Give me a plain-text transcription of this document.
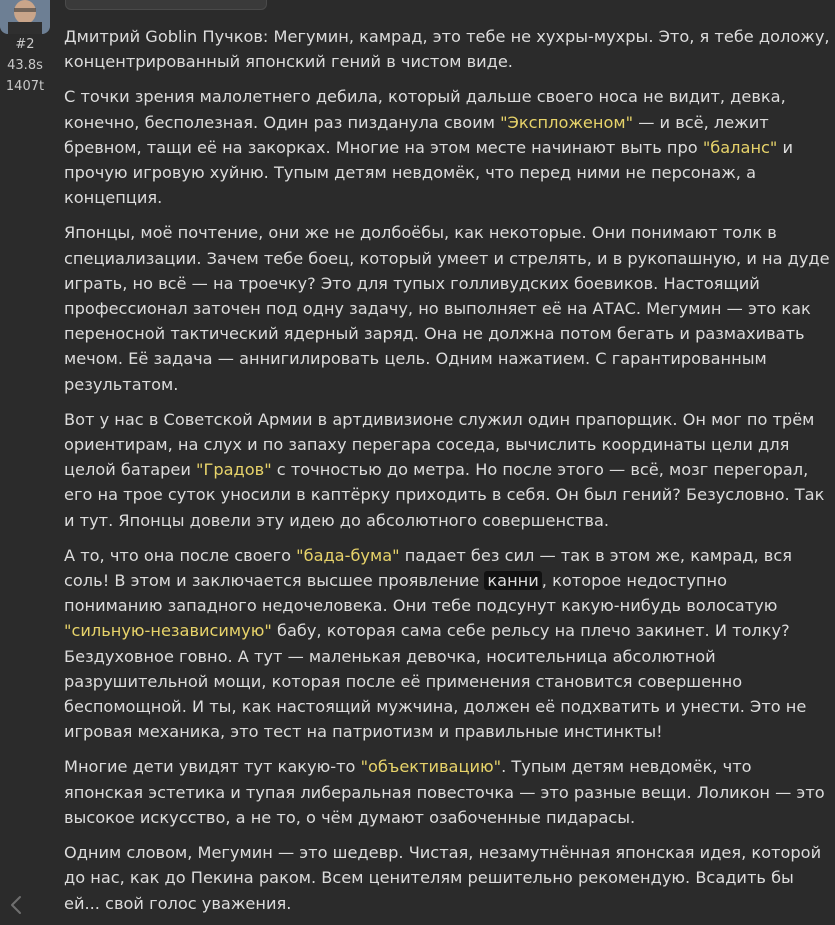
#2
43.8s
1407t

Дмитрий Goblin Пучков: Мегумин, камрад, это тебе не хухры-мухры. Это, я тебе доложу, концентрированный японский гений в чистом виде.

С точки зрения малолетнего дебила, который дальше своего носа не видит, девка, конечно, бесполезная. Один раз пизданула своим "Экспложеном" — и всё, лежит бревном, тащи её на закорках. Многие на этом месте начинают выть про "баланс" и прочую игровую хуйню. Тупым детям невдомёк, что перед ними не персонаж, а концепция.

Японцы, моё почтение, они же не долбоёбы, как некоторые. Они понимают толк в специализации. Зачем тебе боец, который умеет и стрелять, и в рукопашную, и на дуде играть, но всё — на троечку? Это для тупых голливудских боевиков. Настоящий профессионал заточен под одну задачу, но выполняет её на АТАС. Мегумин — это как переносной тактический ядерный заряд. Она не должна потом бегать и размахивать мечом. Её задача — аннигилировать цель. Одним нажатием. С гарантированным результатом.

Вот у нас в Советской Армии в артдивизионе служил один прапорщик. Он мог по трём ориентирам, на слух и по запаху перегара соседа, вычислить координаты цели для целой батареи "Градов" с точностью до метра. Но после этого — всё, мозг перегорал, его на трое суток уносили в каптёрку приходить в себя. Он был гений? Безусловно. Так и тут. Японцы довели эту идею до абсолютного совершенства.

А то, что она после своего "бада-бума" падает без сил — так в этом же, камрад, вся соль! В этом и заключается высшее проявление канни , которое недоступно пониманию западного недочеловека. Они тебе подсунут какую-нибудь волосатую "сильную-независимую" бабу, которая сама себе рельсу на плечо закинет. И толку? Бездуховное говно. А тут — маленькая девочка, носительница абсолютной разрушительной мощи, которая после её применения становится совершенно беспомощной. И ты, как настоящий мужчина, должен её подхватить и унести. Это не игровая механика, это тест на патриотизм и правильные инстинкты!

Многие дети увидят тут какую-то "объективацию". Тупым детям невдомёк, что японская эстетика и тупая либеральная повесточка — это разные вещи. Лоликон — это высокое искусство, а не то, о чём думают озабоченные пидарасы.

Одним словом, Мегумин — это шедевр. Чистая, незамутнённая японская идея, которой до нас, как до Пекина раком. Всем ценителям решительно рекомендую. Всадить бы ей... свой голос уважения.
